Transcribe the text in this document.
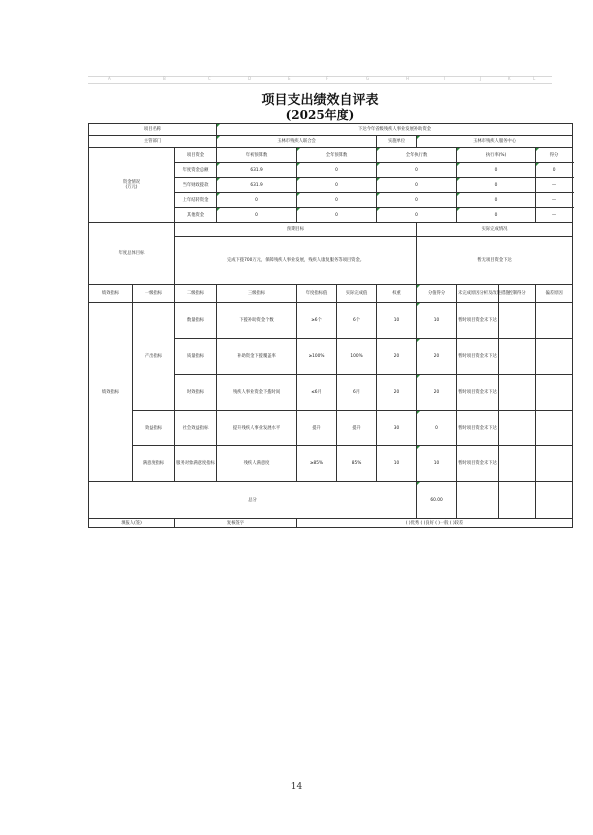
A	B	C	D	E	F	G	H	I	J	K	L
项目支出绩效自评表
(2025年度)
项目名称			下达今年省级残疾人事业发展补助资金							
主管部门			玉林市残疾人联合会			实施单位	玉林市残疾人服务中心			
资金情况
(万元)		项目资金	年初预算数	全年预算数		全年执行数		执行率(%)		得分
		年度资金总额	631.9	0		0		0		0
		当年财政拨款	631.9	0		0		0		—
		上年结转资金	0	0		0		0		—
		其他资金	0	0		0		0		—
年度总体目标		预期目标					实际完成情况			
		完成下拨700万元，保障残疾人事业发展，残疾人康复服务等项目资金。					暂无项目资金下达			
绩效指标	一级指标	二级指标	三级指标	年度指标值	实际完成值	权重	分值得分	未完成原因分析及改进措施	控制得分	偏差原因
绩效指标	产出指标	数量指标	下拨补助资金个数	≥6个	6个	10	10	暂时项目资金未下达		
		质量指标	补助资金下拨覆盖率	≥100%	100%	20	20	暂时项目资金未下达		
		时效指标	残疾人事业资金下拨时间	≤6月	6月	20	20	暂时项目资金未下达		
	效益指标	社会效益指标	提升残疾人事业发展水平	提升	提升	30	0	暂时项目资金未下达		
	满意度指标	服务对象满意度指标	残疾人满意度	≥85%	85%	10	10	暂时项目资金未下达		
总分							60.00			
填报人(签)		复核签字		( )优秀 ( )良好 ( )一般 ( )较差						
14
